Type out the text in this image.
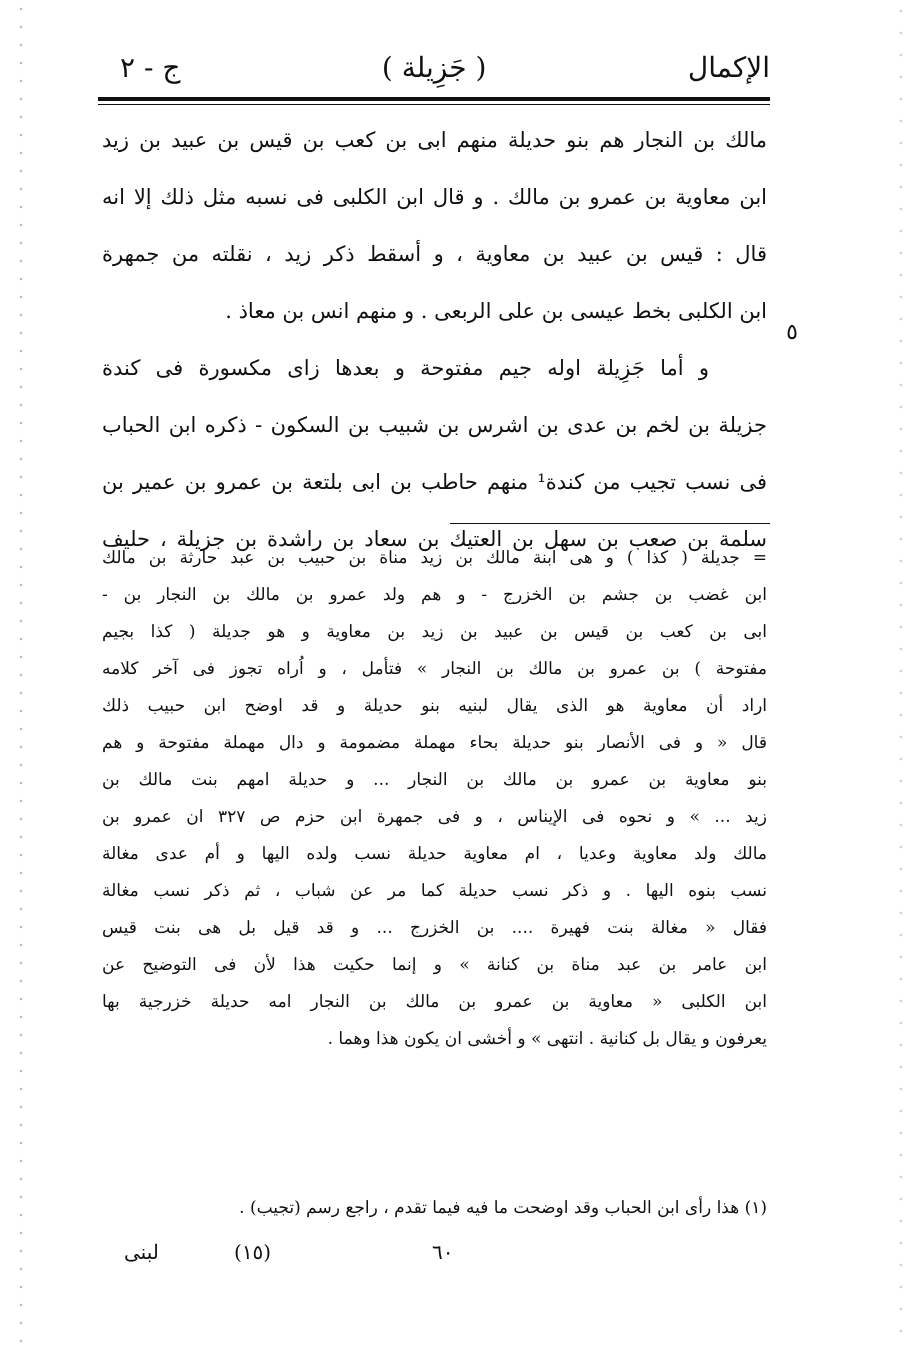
الإكمال
( جَزِيلة )
ج - ٢
٥
مالك بن النجار هم بنو حديلة منهم ابى بن كعب بن قيس بن عبيد بن زيد
ابن معاوية بن عمرو بن مالك . و قال ابن الكلبى فى نسبه مثل ذلك إلا انه
قال : قيس بن عبيد بن معاوية ، و أسقط ذكر زيد ، نقلته من جمهرة
ابن الكلبى بخط عيسى بن على الربعى . و منهم انس بن معاذ .
و أما جَزِيلة اوله جيم مفتوحة و بعدها زاى مكسورة فى كندة
جزيلة بن لخم بن عدى بن اشرس بن شبيب بن السكون - ذكره ابن الحباب
فى نسب تجيب من كندة¹ منهم حاطب بن ابى بلتعة بن عمرو بن عمير بن
سلمة بن صعب بن سهل بن العتيك بن سعاد بن راشدة بن جزيلة ، حليف
= جديلة ( كذا ) و هى ابنة مالك بن زيد مناة بن حبيب بن عبد حارثة بن مالك
ابن غضب بن جشم بن الخزرج - و هم ولد عمرو بن مالك بن النجار بن -
ابى بن كعب بن قيس بن عبيد بن زيد بن معاوية و هو جديلة ( كذا بجيم
مفتوحة ) بن عمرو بن مالك بن النجار » فتأمل ، و اُراه تجوز فى آخر كلامه
اراد أن معاوية هو الذى يقال لبنيه بنو حديلة و قد اوضح ابن حبيب ذلك
قال « و فى الأنصار بنو حديلة بحاء مهملة مضمومة و دال مهملة مفتوحة و هم
بنو معاوية بن عمرو بن مالك بن النجار ... و حديلة امهم بنت مالك بن
زيد ... » و نحوه فى الإيناس ، و فى جمهرة ابن حزم ص ٣٢٧ ان عمرو بن
مالك ولد معاوية وعديا ، ام معاوية حديلة نسب ولده اليها و أم عدى مغالة
نسب بنوه اليها . و ذكر نسب حديلة كما مر عن شباب ، ثم ذكر نسب مغالة
فقال « مغالة بنت فهيرة .... بن الخزرج ... و قد قيل بل هى بنت قيس
ابن عامر بن عبد مناة بن كنانة » و إنما حكيت هذا لأن فى التوضيح عن
ابن الكلبى « معاوية بن عمرو بن مالك بن النجار امه حديلة خزرجية بها
يعرفون و يقال بل كنانية . انتهى » و أخشى ان يكون هذا وهما .
(١) هذا رأى ابن الحباب وقد اوضحت ما فيه فيما تقدم ، راجع رسم (تجيب) .
لبنى	(١٥)	٦٠
